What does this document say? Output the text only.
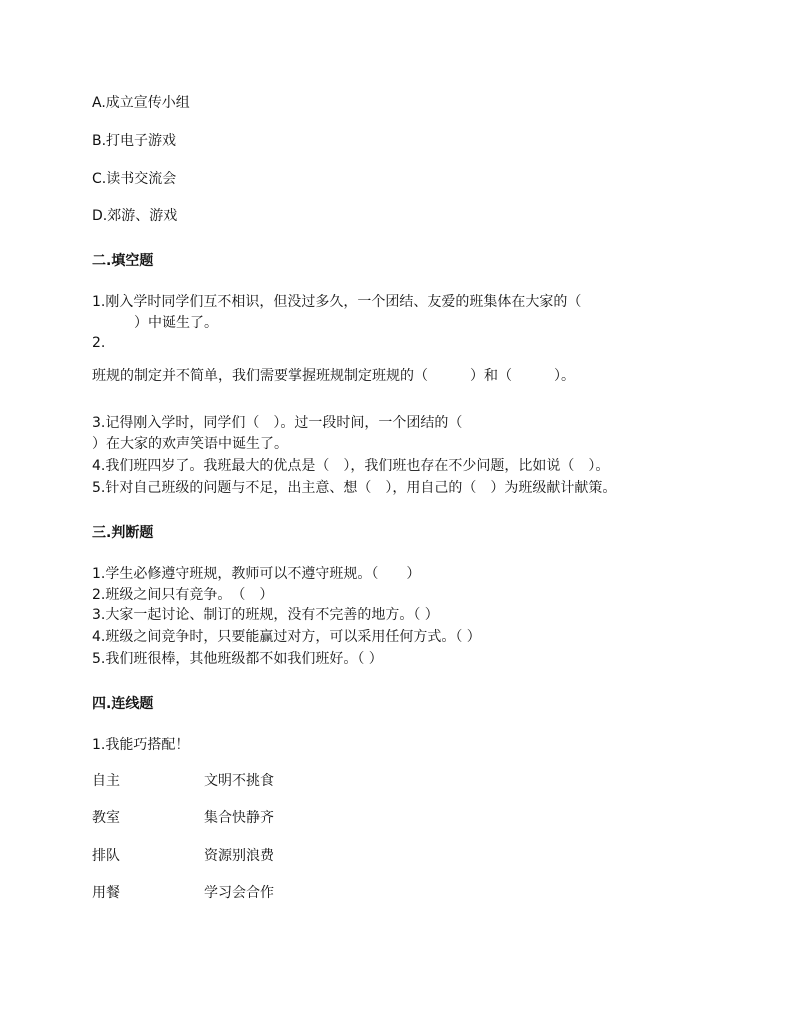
A.成立宣传小组
B.打电子游戏
C.读书交流会
D.郊游、游戏
二.填空题
1.刚入学时同学们互不相识，但没过多久，一个团结、友爱的班集体在大家的（
　　　）中诞生了。
2.
班规的制定并不简单，我们需要掌握班规制定班规的（　　　）和（　　　）。
3.记得刚入学时，同学们（　）。过一段时间，一个团结的（
）在大家的欢声笑语中诞生了。
4.我们班四岁了。我班最大的优点是（　），我们班也存在不少问题，比如说（　）。
5.针对自己班级的问题与不足，出主意、想（　），用自己的（　）为班级献计献策。
三.判断题
1.学生必修遵守班规，教师可以不遵守班规。（　　）
2.班级之间只有竞争。　（　）
3.大家一起讨论、制订的班规，没有不完善的地方。（ ）
4.班级之间竞争时，只要能赢过对方，可以采用任何方式。（ ）
5.我们班很棒，其他班级都不如我们班好。（ ）
四.连线题
1.我能巧搭配！
自主	文明不挑食
教室	集合快静齐
排队	资源别浪费
用餐	学习会合作
